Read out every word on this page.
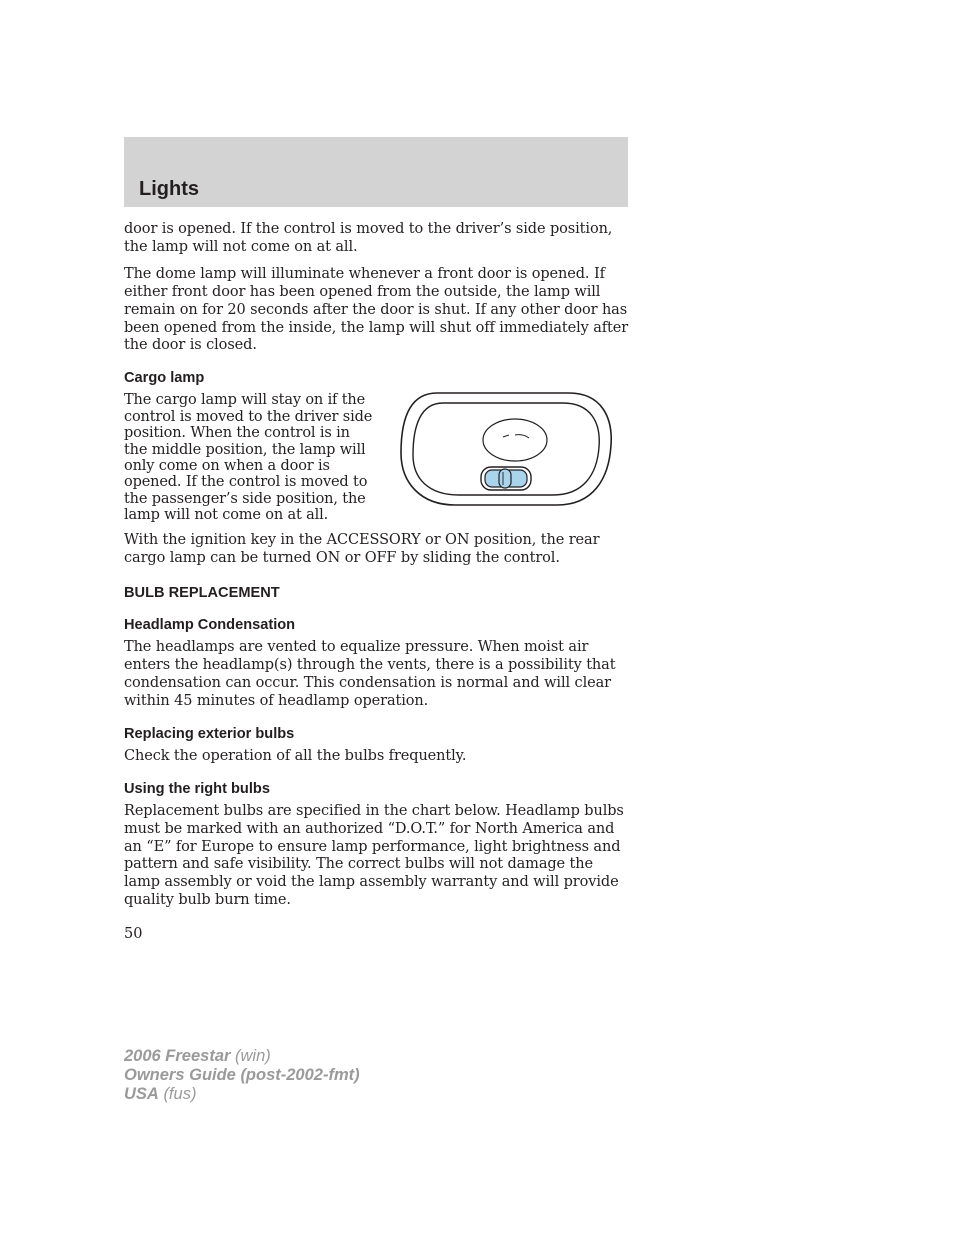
Lights

door is opened. If the control is moved to the driver’s side position, the lamp will not come on at all.

The dome lamp will illuminate whenever a front door is opened. If either front door has been opened from the outside, the lamp will remain on for 20 seconds after the door is shut. If any other door has been opened from the inside, the lamp will shut off immediately after the door is closed.

Cargo lamp

The cargo lamp will stay on if the control is moved to the driver side position. When the control is in the middle position, the lamp will only come on when a door is opened. If the control is moved to the passenger’s side position, the lamp will not come on at all.

With the ignition key in the ACCESSORY or ON position, the rear cargo lamp can be turned ON or OFF by sliding the control.

BULB REPLACEMENT
Headlamp Condensation

The headlamps are vented to equalize pressure. When moist air enters the headlamp(s) through the vents, there is a possibility that condensation can occur. This condensation is normal and will clear within 45 minutes of headlamp operation.

Replacing exterior bulbs

Check the operation of all the bulbs frequently.

Using the right bulbs

Replacement bulbs are specified in the chart below. Headlamp bulbs must be marked with an authorized “D.O.T.” for North America and an “E” for Europe to ensure lamp performance, light brightness and pattern and safe visibility. The correct bulbs will not damage the lamp assembly or void the lamp assembly warranty and will provide quality bulb burn time.

50
2006 Freestar (win)
Owners Guide (post-2002-fmt)
USA (fus)
